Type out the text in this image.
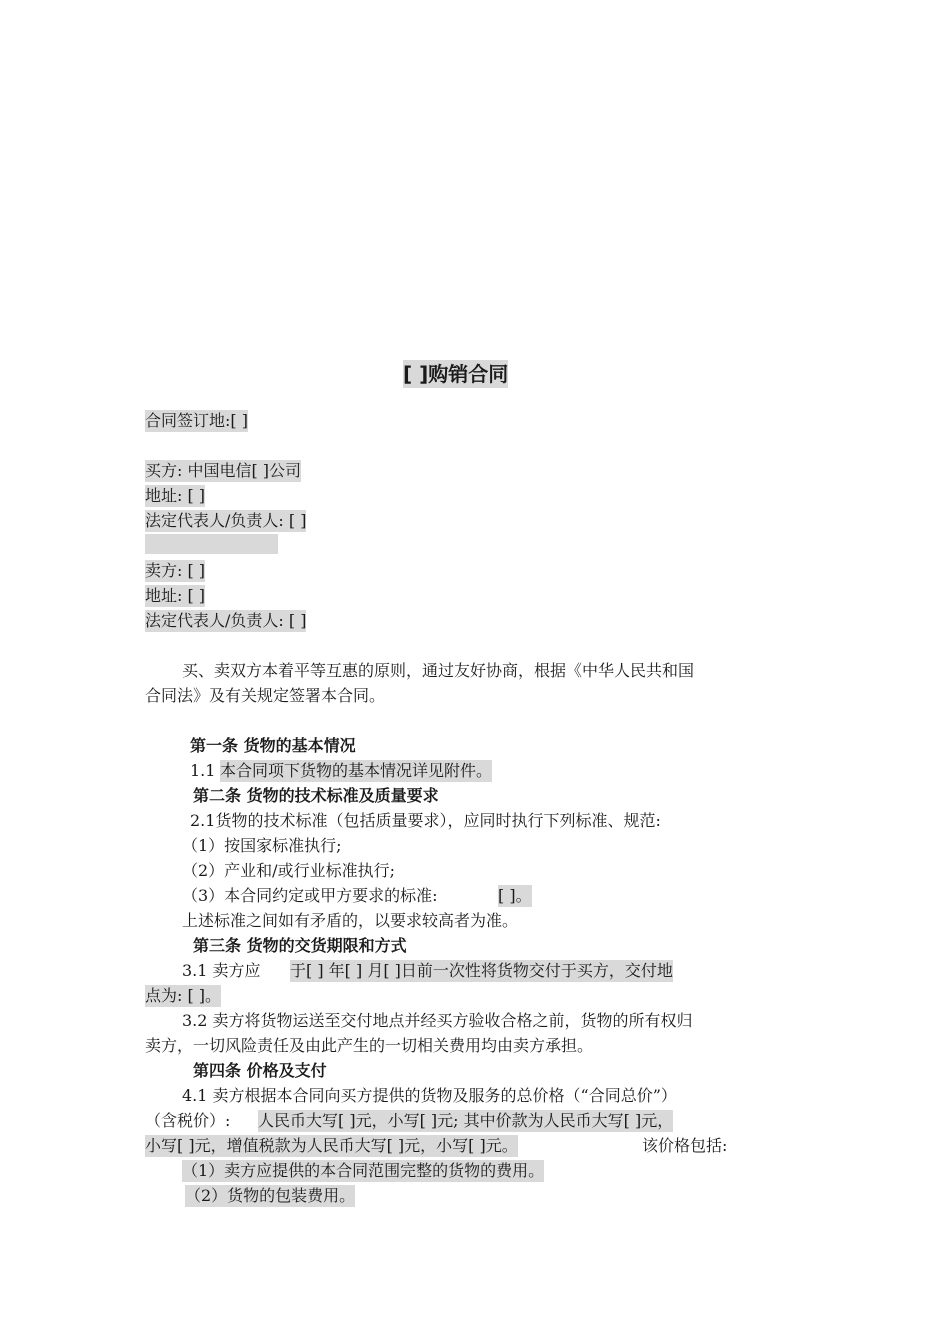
[ ]购销合同
合同签订地:[ ]
买方: 中国电信[ ]公司
地址: [ ]
法定代表人/负责人: [ ]
卖方: [ ]
地址: [ ]
法定代表人/负责人: [ ]
买、卖双方本着平等互惠的原则，通过友好协商，根据《中华人民共和国
合同法》及有关规定签署本合同。
第一条 货物的基本情况
1.1 本合同项下货物的基本情况详见附件。
第二条 货物的技术标准及质量要求
2.1货物的技术标准（包括质量要求），应同时执行下列标准、规范:
（1）按国家标准执行;
（2）产业和/或行业标准执行;
（3）本合同约定或甲方要求的标准:	[ ]。
上述标准之间如有矛盾的，以要求较高者为准。
第三条 货物的交货期限和方式
3.1 卖方应 于[ ] 年[ ] 月[ ]日前一次性将货物交付于买方，交付地
点为: [ ]。
3.2 卖方将货物运送至交付地点并经买方验收合格之前，货物的所有权归
卖方，一切风险责任及由此产生的一切相关费用均由卖方承担。
第四条 价格及支付
4.1 卖方根据本合同向买方提供的货物及服务的总价格（“合同总价”）
（含税价）: 人民币大写[ ]元，小写[ ]元; 其中价款为人民币大写[ ]元，
小写[ ]元，增值税款为人民币大写[ ]元，小写[ ]元。	该价格包括:
（1）卖方应提供的本合同范围完整的货物的费用。
（2）货物的包装费用。
